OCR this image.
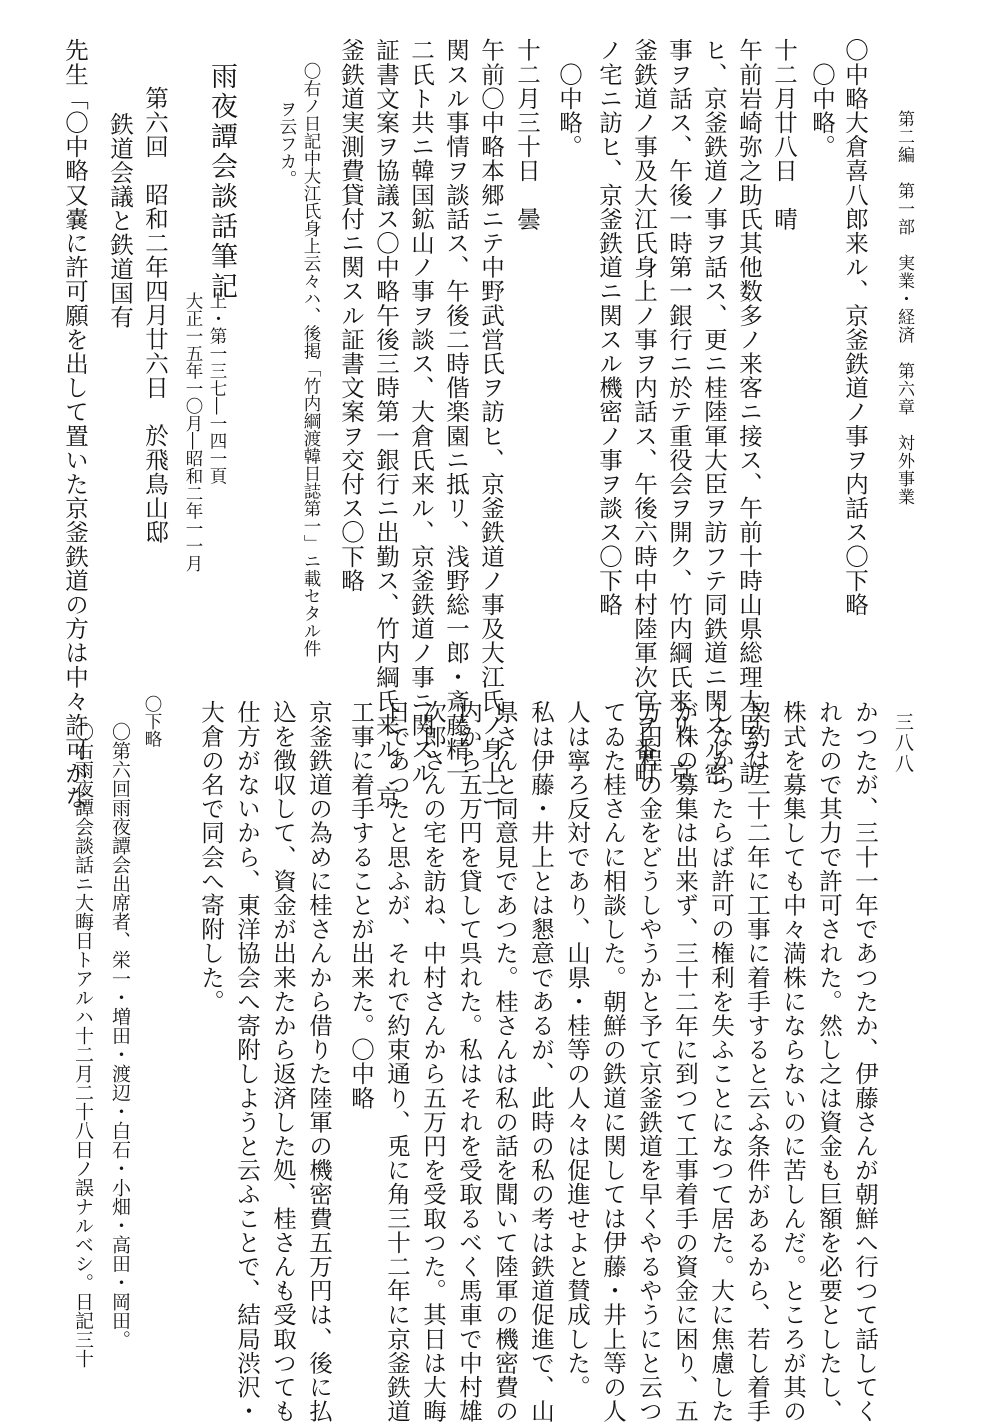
第二編　第一部　実業・経済　第六章　対外事業
三八八
〇中略大倉喜八郎来ル、京釜鉄道ノ事ヲ内話ス〇下略
　〇中略。
十二月廿八日　晴
午前岩崎弥之助氏其他数多ノ来客ニ接ス、午前十時山県総理大臣ヲ訪
ヒ、京釜鉄道ノ事ヲ話ス、更ニ桂陸軍大臣ヲ訪フテ同鉄道ニ関スル密
事ヲ話ス、午後一時第一銀行ニ於テ重役会ヲ開ク、竹内綱氏来リ、京
釜鉄道ノ事及大江氏身上ノ事ヲ内話ス、午後六時中村陸軍次官ヲ番町
ノ宅ニ訪ヒ、京釜鉄道ニ関スル機密ノ事ヲ談ス〇下略
　〇中略。
十二月三十日　曇
午前〇中略本郷ニテ中野武営氏ヲ訪ヒ、京釜鉄道ノ事及大江氏ノ身上ニ
関スル事情ヲ談話ス、午後二時偕楽園ニ抵リ、浅野総一郎・斎藤精一
二氏ト共ニ韓国鉱山ノ事ヲ談ス、大倉氏来ル、京釜鉄道ノ事ニ関スル
証書文案ヲ協議ス〇中略午後三時第一銀行ニ出勤ス、竹内綱氏来ル、京
釜鉄道実測費貸付ニ関スル証書文案ヲ交付ス〇下略
〇右ノ日記中大江氏身上云々ハ、後掲「竹内綱渡韓日誌第一」ニ載セタル件
ヲ云フカ。
雨夜譚会談話筆記
上・第一三七―一四一頁
大正一五年一〇月―昭和二年一一月
第六回　昭和二年四月廿六日　於飛鳥山邸
鉄道会議と鉄道国有
先生「〇中略又嚢に許可願を出して置いた京釜鉄道の方は中々許可がな
かつたが、三十一年であつたか、伊藤さんが朝鮮へ行つて話してく
れたので其力で許可された。然し之は資金も巨額を必要としたし、
株式を募集しても中々満株にならないのに苦しんだ。ところが其の
契約は三十二年に工事に着手すると云ふ条件があるから、若し着手
しなかつたらば許可の権利を失ふことになつて居た。大に焦慮した
が株の募集は出来ず、三十二年に到つて工事着手の資金に困り、五
万円程の金をどうしやうかと予て京釜鉄道を早くやるやうにと云つ
てゐた桂さんに相談した。朝鮮の鉄道に関しては伊藤・井上等の人
人は寧ろ反対であり、山県・桂等の人々は促進せよと賛成した。
私は伊藤・井上とは懇意であるが、此時の私の考は鉄道促進で、山
県さんと同意見であつた。桂さんは私の話を聞いて陸軍の機密費の
内から五万円を貸して呉れた。私はそれを受取るべく馬車で中村雄
次郎さんの宅を訪ね、中村さんから五万円を受取つた。其日は大晦
日であつたと思ふが、それで約束通り、兎に角三十二年に京釜鉄道
工事に着手することが出来た。〇中略
京釜鉄道の為めに桂さんから借りた陸軍の機密費五万円は、後に払
込を徴収して、資金が出来たから返済した処、桂さんも受取つても
仕方がないから、東洋協会へ寄附しようと云ふことで、結局渋沢・
大倉の名で同会へ寄附した。
〇下略
〇第六回雨夜譚会出席者、栄一・増田・渡辺・白石・小畑・高田・岡田。
〇右雨夜譚会談話ニ大晦日トアルハ十二月二十八日ノ誤ナルベシ。日記三十
